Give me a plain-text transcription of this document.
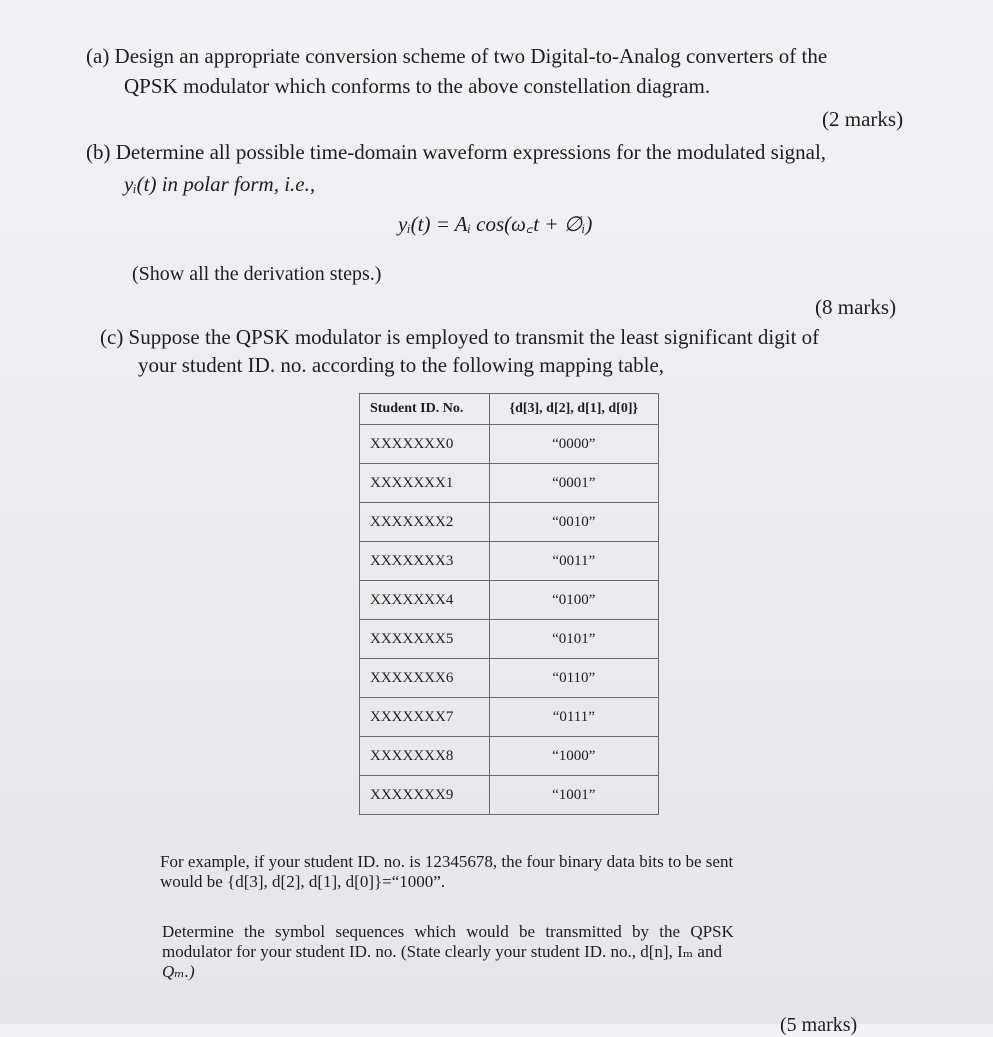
(a) Design an appropriate conversion scheme of two Digital-to-Analog converters of the
QPSK modulator which conforms to the above constellation diagram.
(2 marks)
(b) Determine all possible time-domain waveform expressions for the modulated signal,
yᵢ(t) in polar form, i.e.,
yᵢ(t) = Aᵢ cos(ω꜀t + ∅ᵢ)
(Show all the derivation steps.)
(8 marks)
(c) Suppose the QPSK modulator is employed to transmit the least significant digit of
your student ID. no. according to the following mapping table,
Student ID. No.	{d[3], d[2], d[1], d[0]}
XXXXXXX0	“0000”
XXXXXXX1	“0001”
XXXXXXX2	“0010”
XXXXXXX3	“0011”
XXXXXXX4	“0100”
XXXXXXX5	“0101”
XXXXXXX6	“0110”
XXXXXXX7	“0111”
XXXXXXX8	“1000”
XXXXXXX9	“1001”
For example, if your student ID. no. is 12345678, the four binary data bits to be sent
would be {d[3], d[2], d[1], d[0]}=“1000”.
Determine the symbol sequences which would be transmitted by the QPSK
modulator for your student ID. no. (State clearly your student ID. no., d[n], Iₘ and
Qₘ.)
(5 marks)
